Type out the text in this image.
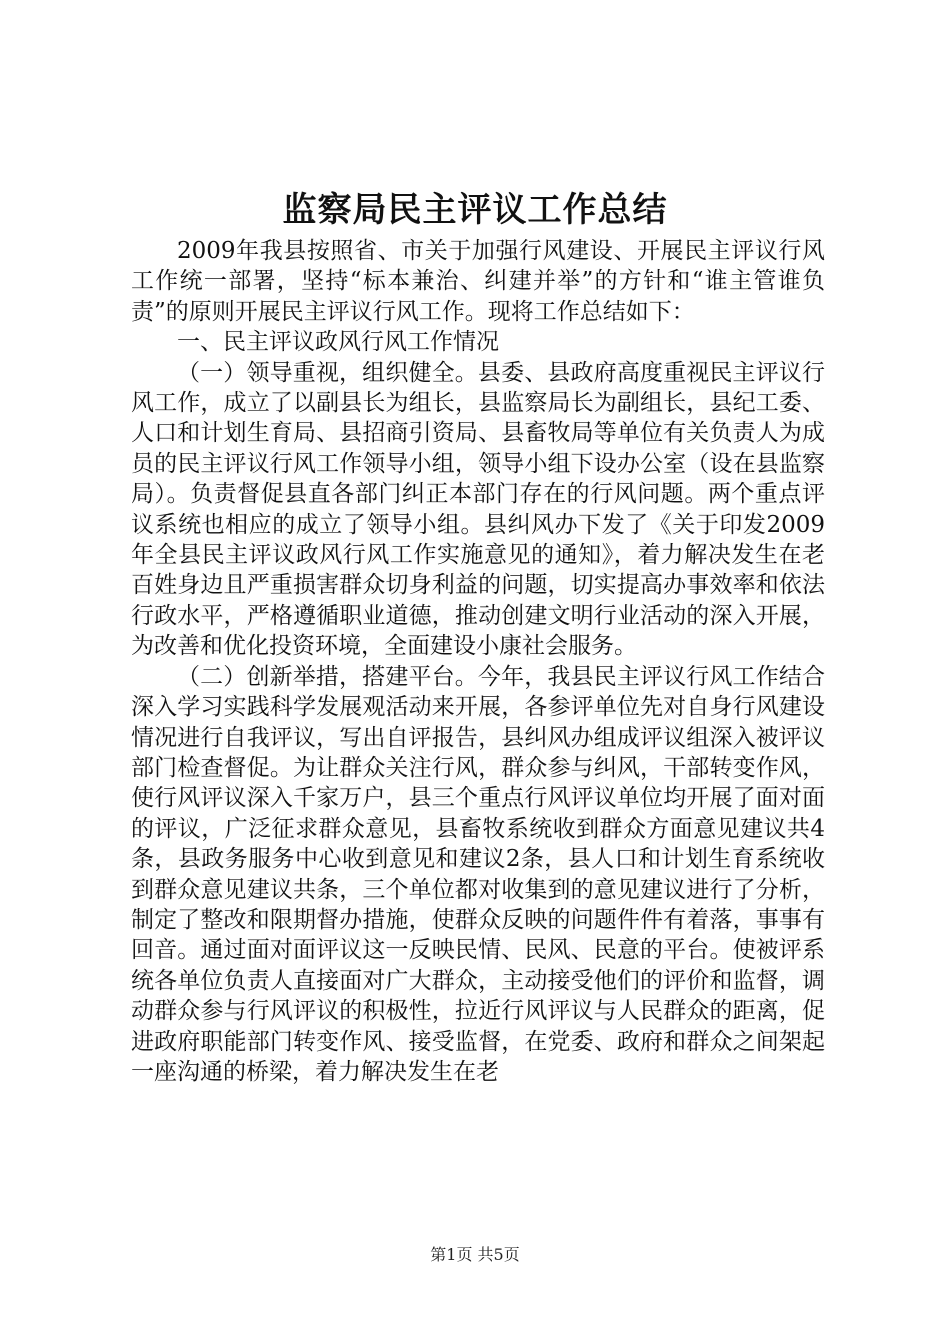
监察局民主评议工作总结

2009年我县按照省、市关于加强行风建设、开展民主评议行风工作统一部署，坚持“标本兼治、纠建并举”的方针和“谁主管谁负责”的原则开展民主评议行风工作。现将工作总结如下：

一、民主评议政风行风工作情况

（一）领导重视，组织健全。县委、县政府高度重视民主评议行风工作，成立了以副县长为组长，县监察局长为副组长，县纪工委、人口和计划生育局、县招商引资局、县畜牧局等单位有关负责人为成员的民主评议行风工作领导小组，领导小组下设办公室（设在县监察局）。负责督促县直各部门纠正本部门存在的行风问题。两个重点评议系统也相应的成立了领导小组。县纠风办下发了《关于印发2009年全县民主评议政风行风工作实施意见的通知》，着力解决发生在老百姓身边且严重损害群众切身利益的问题，切实提高办事效率和依法行政水平，严格遵循职业道德，推动创建文明行业活动的深入开展，为改善和优化投资环境，全面建设小康社会服务。

（二）创新举措，搭建平台。今年，我县民主评议行风工作结合深入学习实践科学发展观活动来开展，各参评单位先对自身行风建设情况进行自我评议，写出自评报告，县纠风办组成评议组深入被评议部门检查督促。为让群众关注行风，群众参与纠风，干部转变作风，使行风评议深入千家万户，县三个重点行风评议单位均开展了面对面的评议，广泛征求群众意见，县畜牧系统收到群众方面意见建议共4条，县政务服务中心收到意见和建议2条，县人口和计划生育系统收到群众意见建议共条，三个单位都对收集到的意见建议进行了分析，制定了整改和限期督办措施，使群众反映的问题件件有着落，事事有回音。通过面对面评议这一反映民情、民风、民意的平台。使被评系统各单位负责人直接面对广大群众，主动接受他们的评价和监督，调动群众参与行风评议的积极性，拉近行风评议与人民群众的距离，促进政府职能部门转变作风、接受监督，在党委、政府和群众之间架起一座沟通的桥梁，着力解决发生在老

第1页 共5页
